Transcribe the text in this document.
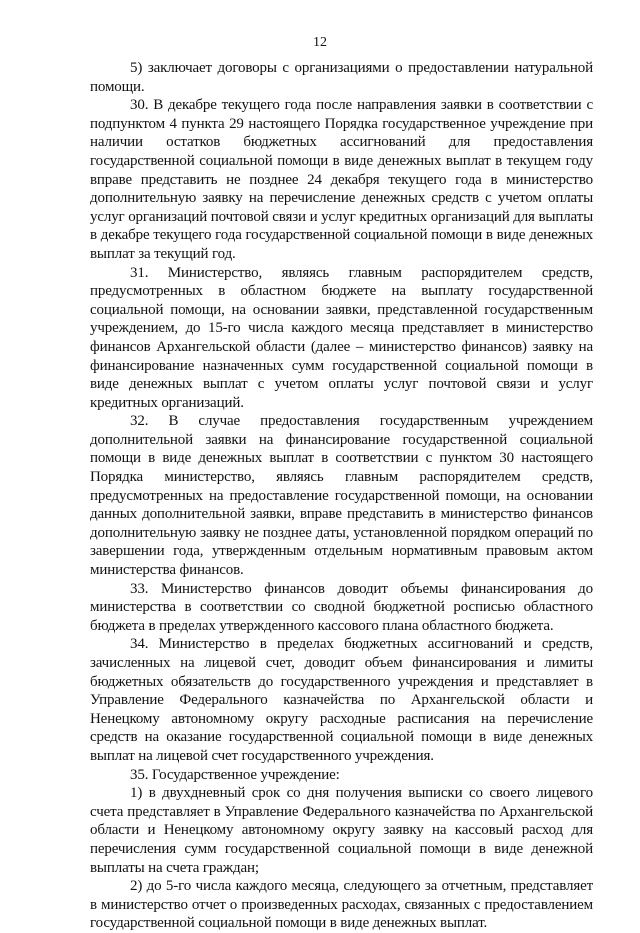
12

5) заключает договоры с организациями о предоставлении натуральной помощи.

30. В декабре текущего года после направления заявки в соответствии с подпунктом 4 пункта 29 настоящего Порядка государственное учреждение при наличии остатков бюджетных ассигнований для предоставления государственной социальной помощи в виде денежных выплат в текущем году вправе представить не позднее 24 декабря текущего года в министерство дополнительную заявку на перечисление денежных средств с учетом оплаты услуг организаций почтовой связи и услуг кредитных организаций для выплаты в декабре текущего года государственной социальной помощи в виде денежных выплат за текущий год.

31. Министерство, являясь главным распорядителем средств, предусмотренных в областном бюджете на выплату государственной социальной помощи, на основании заявки, представленной государственным учреждением, до 15-го числа каждого месяца представляет в министерство финансов Архангельской области (далее – министерство финансов) заявку на финансирование назначенных сумм государственной социальной помощи в виде денежных выплат с учетом оплаты услуг почтовой связи и услуг кредитных организаций.

32. В случае предоставления государственным учреждением дополнительной заявки на финансирование государственной социальной помощи в виде денежных выплат в соответствии с пунктом 30 настоящего Порядка министерство, являясь главным распорядителем средств, предусмотренных на предоставление государственной помощи, на основании данных дополнительной заявки, вправе представить в министерство финансов дополнительную заявку не позднее даты, установленной порядком операций по завершении года, утвержденным отдельным нормативным правовым актом министерства финансов.

33. Министерство финансов доводит объемы финансирования до министерства в соответствии со сводной бюджетной росписью областного бюджета в пределах утвержденного кассового плана областного бюджета.

34. Министерство в пределах бюджетных ассигнований и средств, зачисленных на лицевой счет, доводит объем финансирования и лимиты бюджетных обязательств до государственного учреждения и представляет в Управление Федерального казначейства по Архангельской области и Ненецкому автономному округу расходные расписания на перечисление средств на оказание государственной социальной помощи в виде денежных выплат на лицевой счет государственного учреждения.

35. Государственное учреждение:

1) в двухдневный срок со дня получения выписки со своего лицевого счета представляет в Управление Федерального казначейства по Архангельской области и Ненецкому автономному округу заявку на кассовый расход для перечисления сумм государственной социальной помощи в виде денежной выплаты на счета граждан;

2) до 5-го числа каждого месяца, следующего за отчетным, представляет в министерство отчет о произведенных расходах, связанных с предоставлением государственной социальной помощи в виде денежных выплат.
